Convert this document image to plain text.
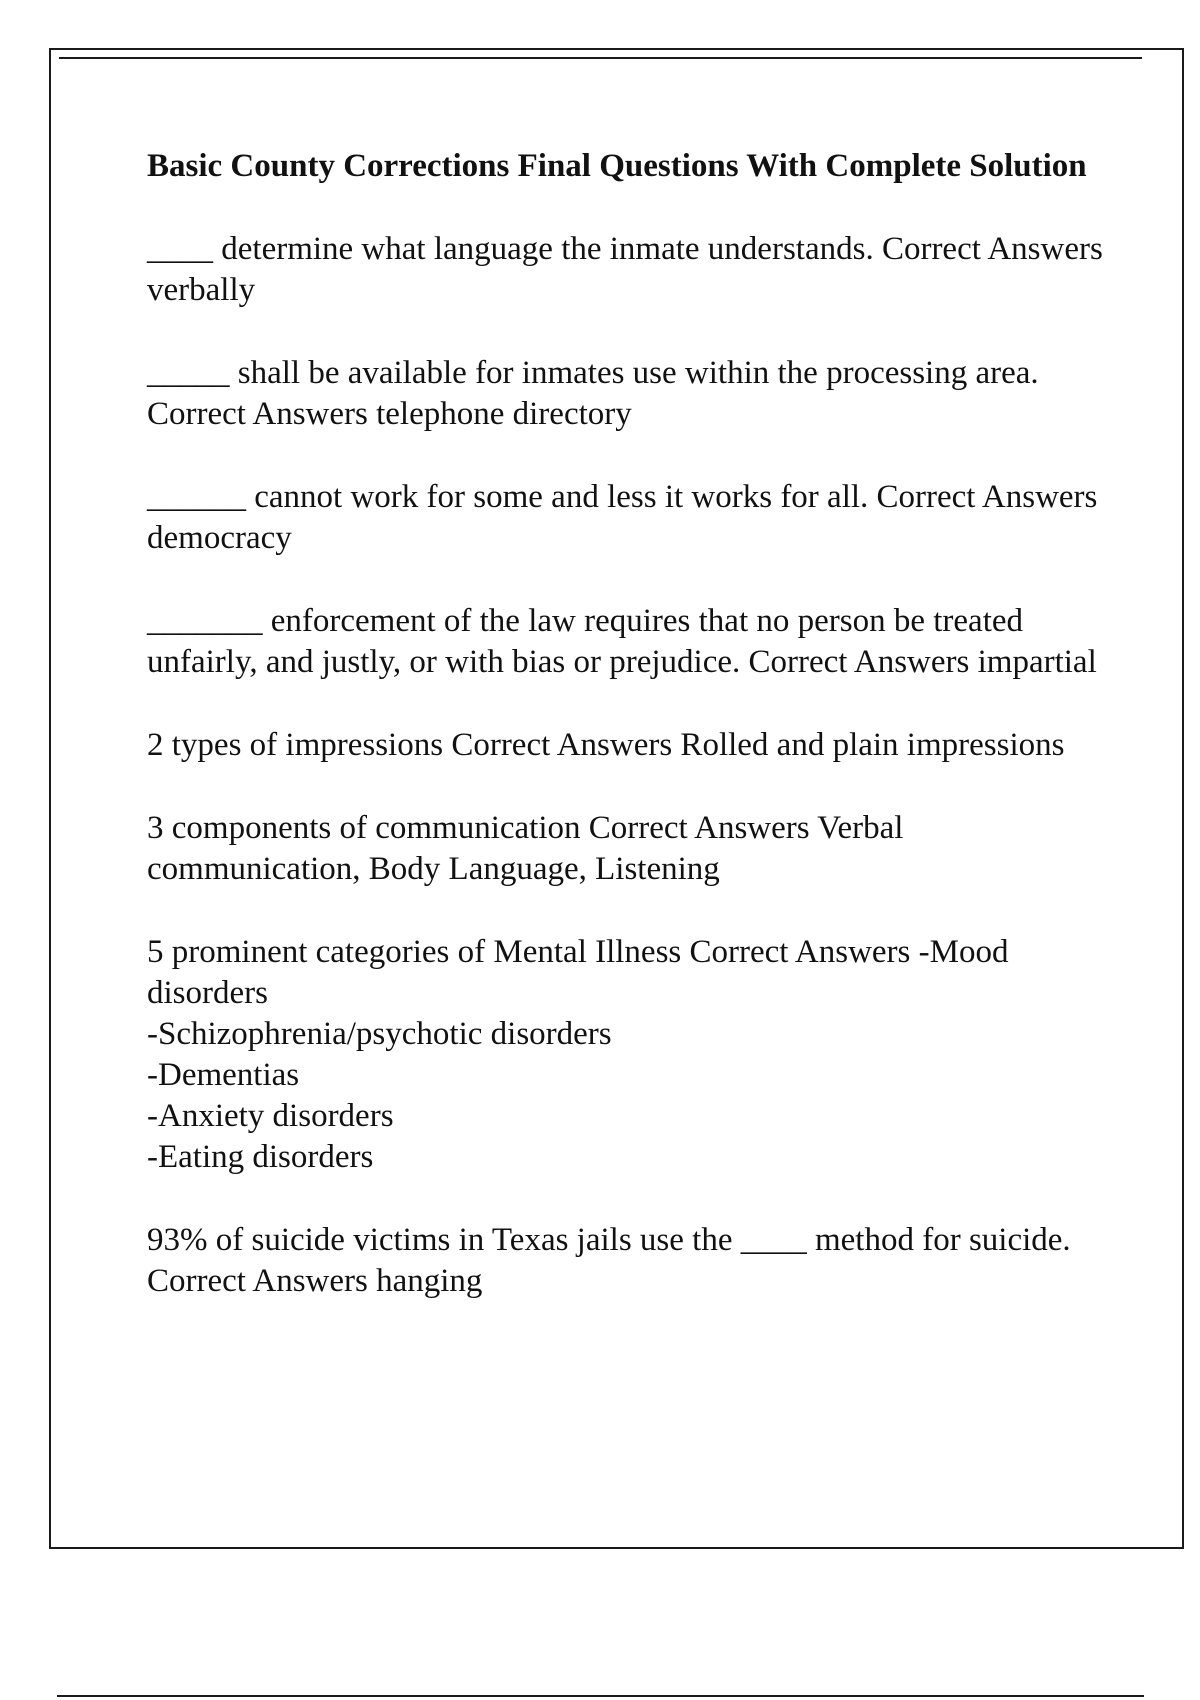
Basic County Corrections Final Questions With Complete Solution
____ determine what language the inmate understands. Correct Answers verbally
_____ shall be available for inmates use within the processing area. Correct Answers telephone directory
______ cannot work for some and less it works for all. Correct Answers democracy
_______ enforcement of the law requires that no person be treated unfairly, and justly, or with bias or prejudice. Correct Answers impartial
2 types of impressions Correct Answers Rolled and plain impressions
3 components of communication Correct Answers Verbal communication, Body Language, Listening
5 prominent categories of Mental Illness Correct Answers -Mood disorders
-Schizophrenia/psychotic disorders
-Dementias
-Anxiety disorders
-Eating disorders
93% of suicide victims in Texas jails use the ____ method for suicide. Correct Answers hanging
